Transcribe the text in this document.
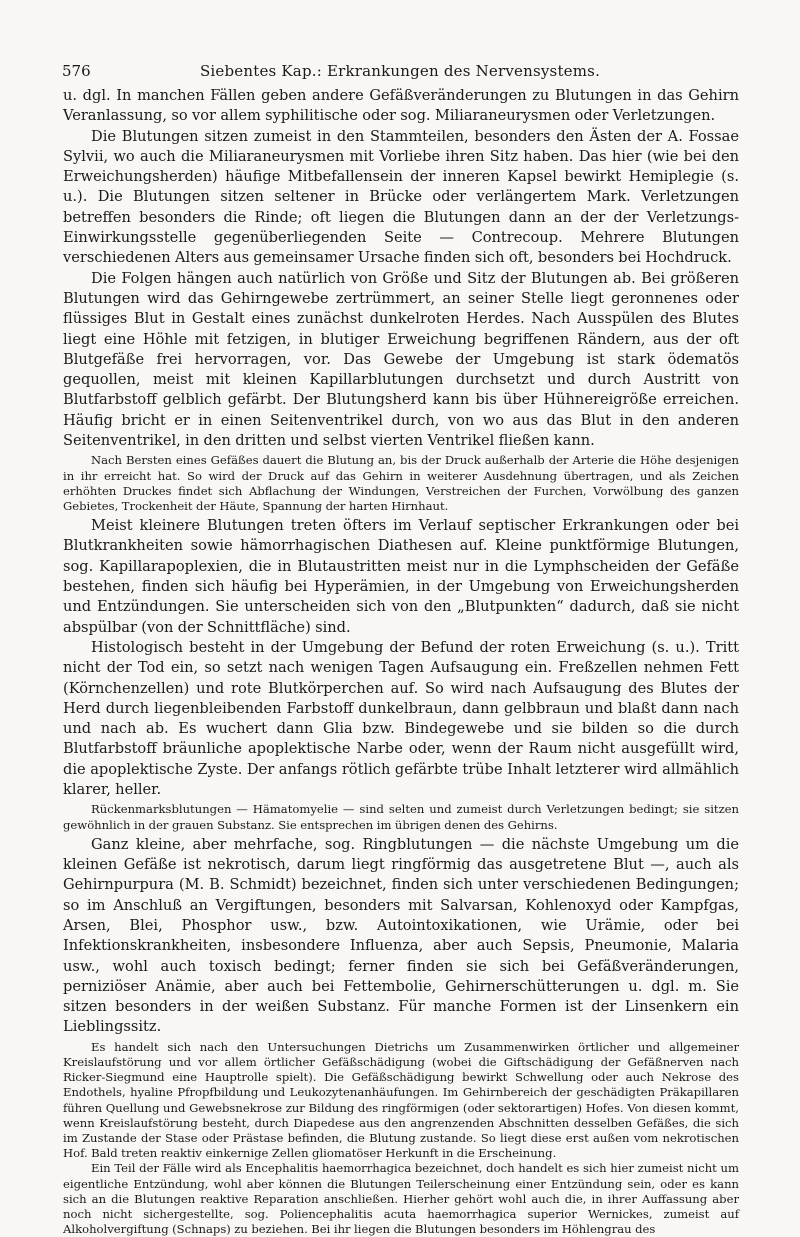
576	Siebentes Kap.: Erkrankungen des Nervensystems.

u. dgl. In manchen Fällen geben andere Gefäßveränderungen zu Blutungen in das Gehirn Veranlassung, so vor allem syphilitische oder sog. Miliaraneurysmen oder Verletzungen.

Die Blutungen sitzen zumeist in den Stammteilen, besonders den Ästen der A. Fossae Sylvii, wo auch die Miliaraneurysmen mit Vorliebe ihren Sitz haben. Das hier (wie bei den Erweichungsherden) häufige Mitbefallensein der inneren Kapsel bewirkt Hemiplegie (s. u.). Die Blutungen sitzen seltener in Brücke oder verlängertem Mark. Verletzungen betreffen besonders die Rinde; oft liegen die Blutungen dann an der der Verletzungs-Einwirkungsstelle gegenüberliegenden Seite — Contrecoup. Mehrere Blutungen verschiedenen Alters aus gemeinsamer Ursache finden sich oft, besonders bei Hochdruck.

Die Folgen hängen auch natürlich von Größe und Sitz der Blutungen ab. Bei größeren Blutungen wird das Gehirngewebe zertrümmert, an seiner Stelle liegt geronnenes oder flüssiges Blut in Gestalt eines zunächst dunkelroten Herdes. Nach Ausspülen des Blutes liegt eine Höhle mit fetzigen, in blutiger Erweichung begriffenen Rändern, aus der oft Blutgefäße frei hervorragen, vor. Das Gewebe der Umgebung ist stark ödematös gequollen, meist mit kleinen Kapillarblutungen durchsetzt und durch Austritt von Blutfarbstoff gelblich gefärbt. Der Blutungsherd kann bis über Hühnereigröße erreichen. Häufig bricht er in einen Seitenventrikel durch, von wo aus das Blut in den anderen Seitenventrikel, in den dritten und selbst vierten Ventrikel fließen kann.

Nach Bersten eines Gefäßes dauert die Blutung an, bis der Druck außerhalb der Arterie die Höhe desjenigen in ihr erreicht hat. So wird der Druck auf das Gehirn in weiterer Ausdehnung übertragen, und als Zeichen erhöhten Druckes findet sich Abflachung der Windungen, Verstreichen der Furchen, Vorwölbung des ganzen Gebietes, Trockenheit der Häute, Spannung der harten Hirnhaut.

Meist kleinere Blutungen treten öfters im Verlauf septischer Erkrankungen oder bei Blutkrankheiten sowie hämorrhagischen Diathesen auf. Kleine punktförmige Blutungen, sog. Kapillarapoplexien, die in Blutaustritten meist nur in die Lymphscheiden der Gefäße bestehen, finden sich häufig bei Hyperämien, in der Umgebung von Erweichungsherden und Entzündungen. Sie unterscheiden sich von den „Blutpunkten“ dadurch, daß sie nicht abspülbar (von der Schnittfläche) sind.

Histologisch besteht in der Umgebung der Befund der roten Erweichung (s. u.). Tritt nicht der Tod ein, so setzt nach wenigen Tagen Aufsaugung ein. Freßzellen nehmen Fett (Körnchenzellen) und rote Blutkörperchen auf. So wird nach Aufsaugung des Blutes der Herd durch liegenbleibenden Farbstoff dunkelbraun, dann gelbbraun und blaßt dann nach und nach ab. Es wuchert dann Glia bzw. Bindegewebe und sie bilden so die durch Blutfarbstoff bräunliche apoplektische Narbe oder, wenn der Raum nicht ausgefüllt wird, die apoplektische Zyste. Der anfangs rötlich gefärbte trübe Inhalt letzterer wird allmählich klarer, heller.

Rückenmarksblutungen — Hämatomyelie — sind selten und zumeist durch Verletzungen bedingt; sie sitzen gewöhnlich in der grauen Substanz. Sie entsprechen im übrigen denen des Gehirns.

Ganz kleine, aber mehrfache, sog. Ringblutungen — die nächste Umgebung um die kleinen Gefäße ist nekrotisch, darum liegt ringförmig das ausgetretene Blut —, auch als Gehirnpurpura (M. B. Schmidt) bezeichnet, finden sich unter verschiedenen Bedingungen; so im Anschluß an Vergiftungen, besonders mit Salvarsan, Kohlenoxyd oder Kampfgas, Arsen, Blei, Phosphor usw., bzw. Autointoxikationen, wie Urämie, oder bei Infektionskrankheiten, insbesondere Influenza, aber auch Sepsis, Pneumonie, Malaria usw., wohl auch toxisch bedingt; ferner finden sie sich bei Gefäßveränderungen, perniziöser Anämie, aber auch bei Fettembolie, Gehirnerschütterungen u. dgl. m. Sie sitzen besonders in der weißen Substanz. Für manche Formen ist der Linsenkern ein Lieblingssitz.

Es handelt sich nach den Untersuchungen Dietrichs um Zusammenwirken örtlicher und allgemeiner Kreislaufstörung und vor allem örtlicher Gefäßschädigung (wobei die Giftschädigung der Gefäßnerven nach Ricker-Siegmund eine Hauptrolle spielt). Die Gefäßschädigung bewirkt Schwellung oder auch Nekrose des Endothels, hyaline Pfropfbildung und Leukozytenanhäufungen. Im Gehirnbereich der geschädigten Präkapillaren führen Quellung und Gewebsnekrose zur Bildung des ringförmigen (oder sektorartigen) Hofes. Von diesen kommt, wenn Kreislaufstörung besteht, durch Diapedese aus den angrenzenden Abschnitten desselben Gefäßes, die sich im Zustande der Stase oder Prästase befinden, die Blutung zustande. So liegt diese erst außen vom nekrotischen Hof. Bald treten reaktiv einkernige Zellen gliomatöser Herkunft in die Erscheinung.

Ein Teil der Fälle wird als Encephalitis haemorrhagica bezeichnet, doch handelt es sich hier zumeist nicht um eigentliche Entzündung, wohl aber können die Blutungen Teilerscheinung einer Entzündung sein, oder es kann sich an die Blutungen reaktive Reparation anschließen. Hierher gehört wohl auch die, in ihrer Auffassung aber noch nicht sichergestellte, sog. Poliencephalitis acuta haemorrhagica superior Wernickes, zumeist auf Alkoholvergiftung (Schnaps) zu beziehen. Bei ihr liegen die Blutungen besonders im Höhlengrau des
